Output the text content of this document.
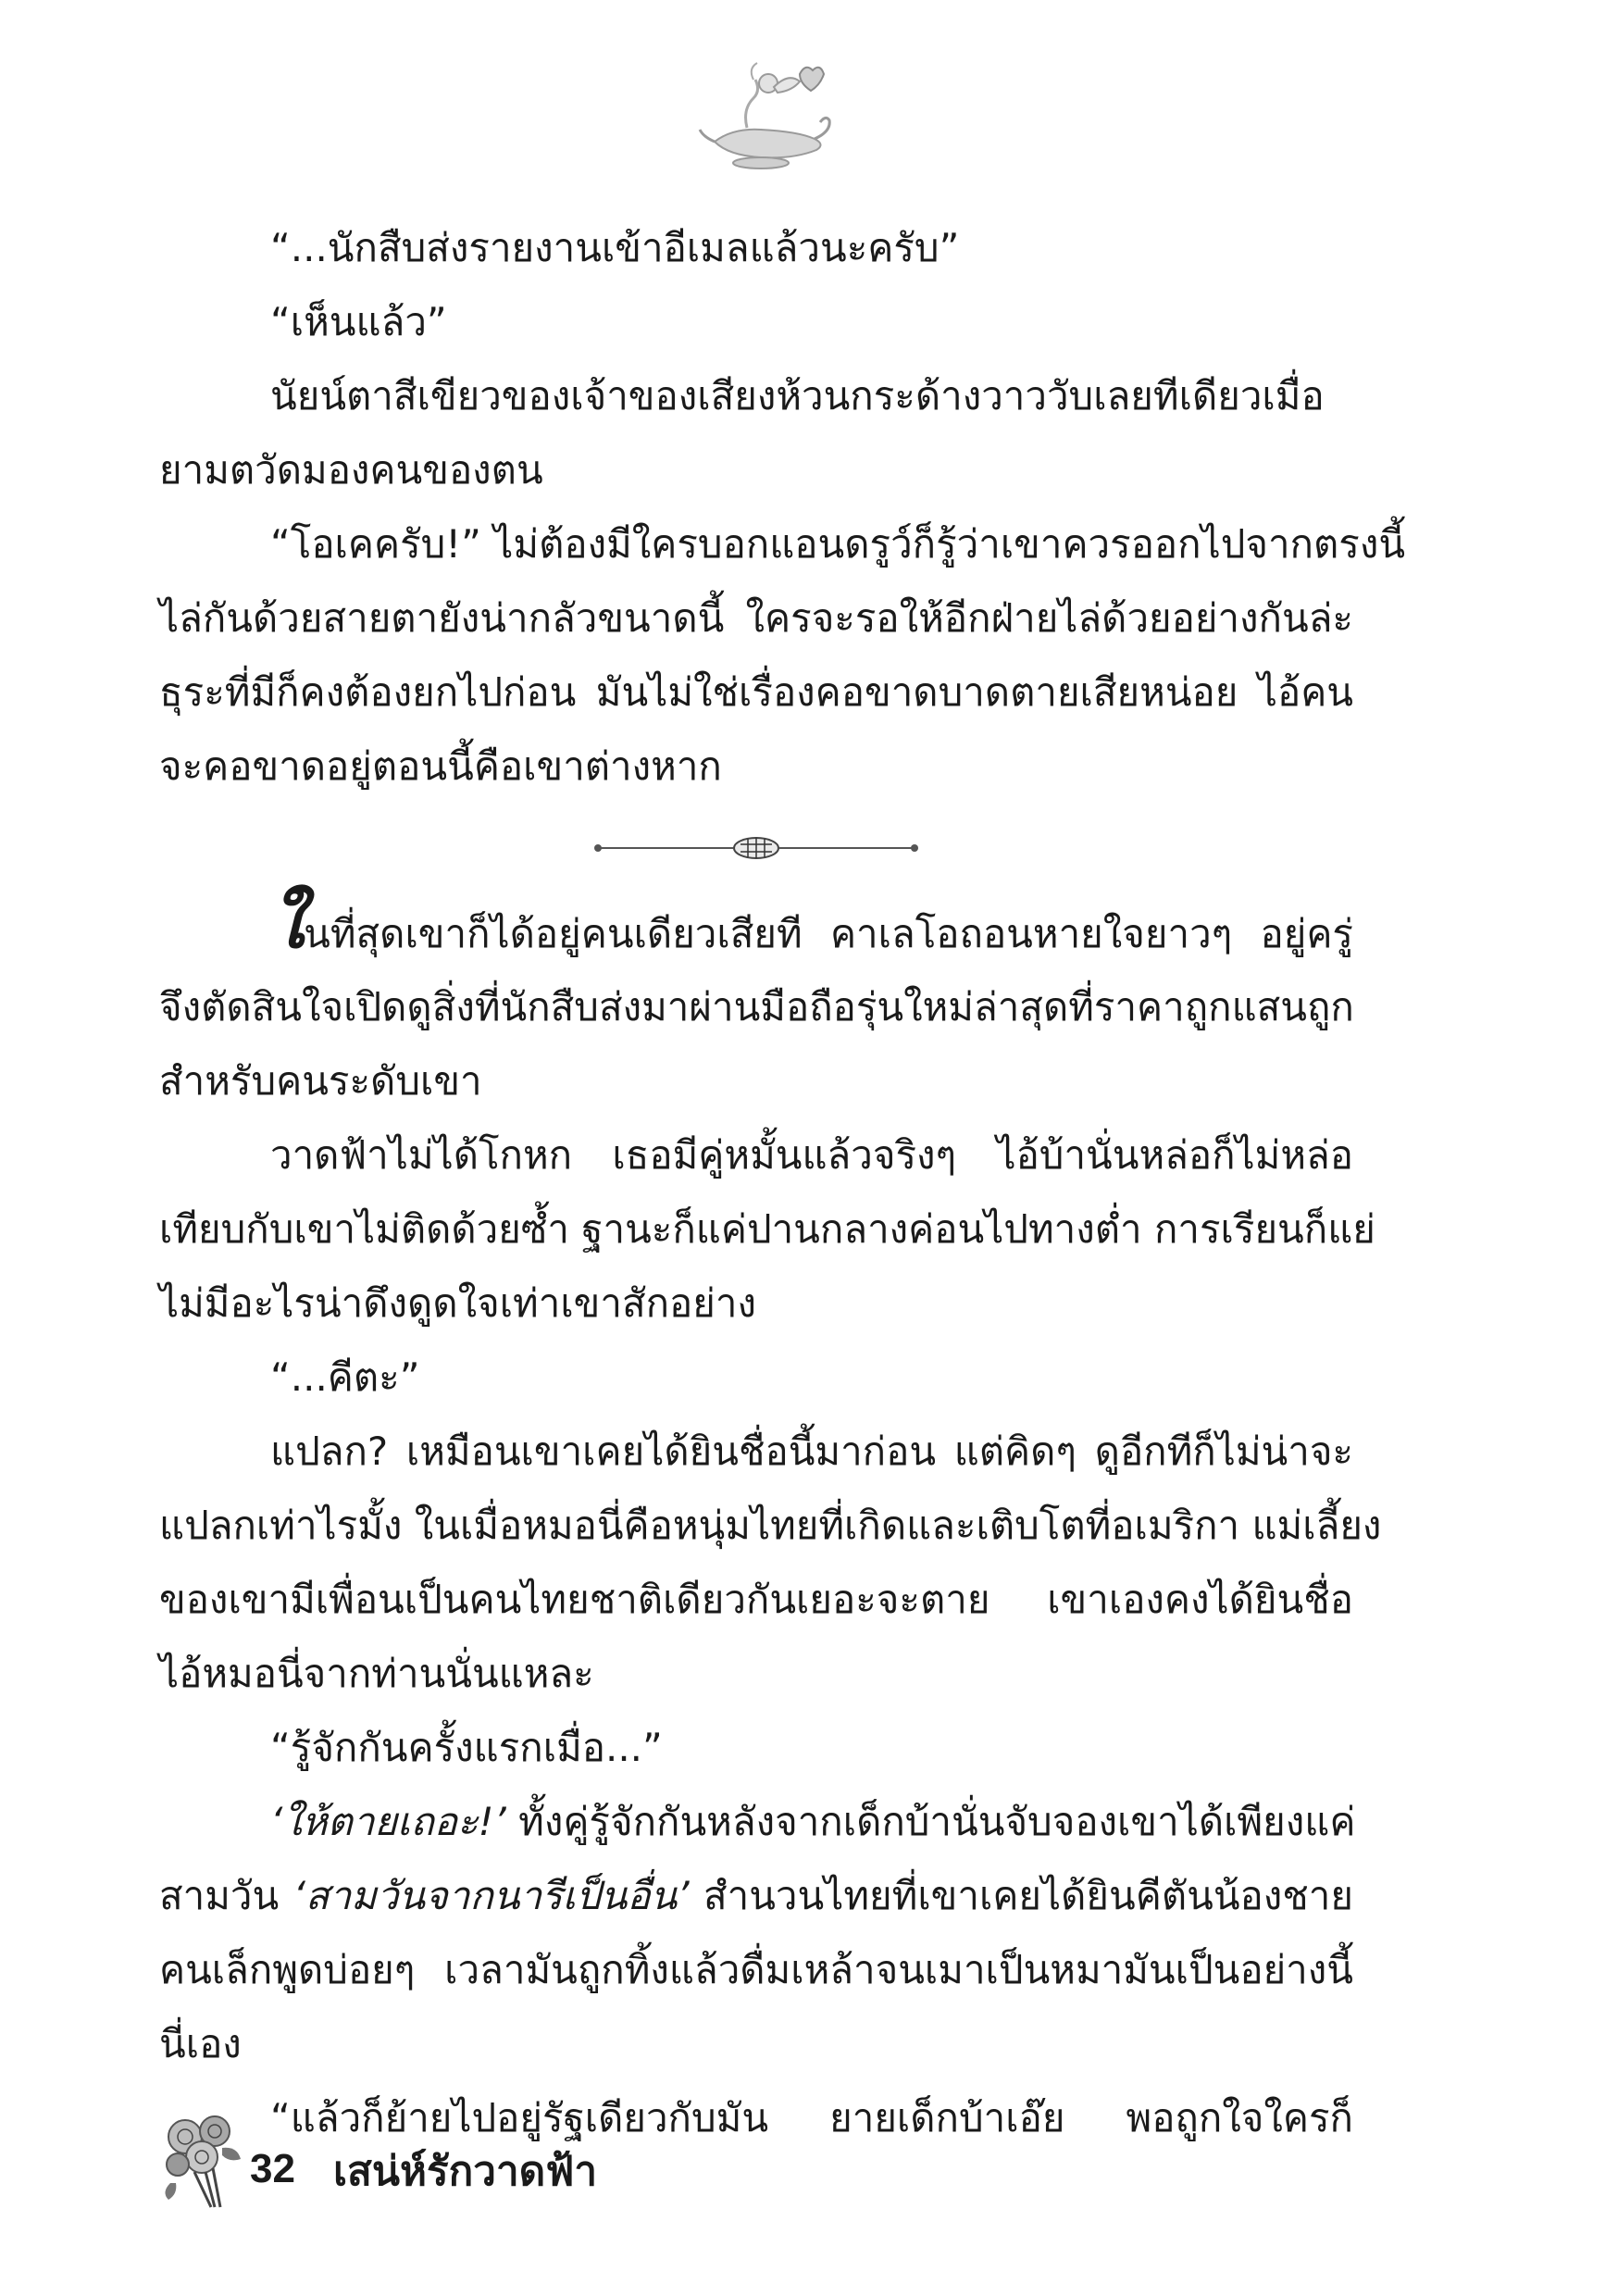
“...นักสืบส่งรายงานเข้าอีเมลแล้วนะครับ”
“เห็นแล้ว”
นัยน์ตาสีเขียวของเจ้าของเสียงห้วนกระด้างวาววับเลยทีเดียวเมื่อ
ยามตวัดมองคนของตน
“โอเคครับ!” ไม่ต้องมีใครบอกแอนดรูว์ก็รู้ว่าเขาควรออกไปจากตรงนี้
ไล่กันด้วยสายตายังน่ากลัวขนาดนี้ ใครจะรอให้อีกฝ่ายไล่ด้วยอย่างกันล่ะ
ธุระที่มีก็คงต้องยกไปก่อน มันไม่ใช่เรื่องคอขาดบาดตายเสียหน่อย ไอ้คน
จะคอขาดอยู่ตอนนี้คือเขาต่างหาก
ในที่สุดเขาก็ได้อยู่คนเดียวเสียที คาเลโอถอนหายใจยาวๆ อยู่ครู่
จึงตัดสินใจเปิดดูสิ่งที่นักสืบส่งมาผ่านมือถือรุ่นใหม่ล่าสุดที่ราคาถูกแสนถูก
สำหรับคนระดับเขา
วาดฟ้าไม่ได้โกหก เธอมีคู่หมั้นแล้วจริงๆ ไอ้บ้านั่นหล่อก็ไม่หล่อ
เทียบกับเขาไม่ติดด้วยซ้ำ ฐานะก็แค่ปานกลางค่อนไปทางต่ำ การเรียนก็แย่
ไม่มีอะไรน่าดึงดูดใจเท่าเขาสักอย่าง
“...คีตะ”
แปลก? เหมือนเขาเคยได้ยินชื่อนี้มาก่อน แต่คิดๆ ดูอีกทีก็ไม่น่าจะ
แปลกเท่าไรมั้ง ในเมื่อหมอนี่คือหนุ่มไทยที่เกิดและเติบโตที่อเมริกา แม่เลี้ยง
ของเขามีเพื่อนเป็นคนไทยชาติเดียวกันเยอะจะตาย เขาเองคงได้ยินชื่อ
ไอ้หมอนี่จากท่านนั่นแหละ
“รู้จักกันครั้งแรกเมื่อ...”
‘ให้ตายเถอะ!’ ทั้งคู่รู้จักกันหลังจากเด็กบ้านั่นจับจองเขาได้เพียงแค่
สามวัน ‘สามวันจากนารีเป็นอื่น’ สำนวนไทยที่เขาเคยได้ยินคีตันน้องชาย
คนเล็กพูดบ่อยๆ เวลามันถูกทิ้งแล้วดื่มเหล้าจนเมาเป็นหมามันเป็นอย่างนี้
นี่เอง
“แล้วก็ย้ายไปอยู่รัฐเดียวกับมัน ยายเด็กบ้าเอ๊ย พอถูกใจใครก็
32 เสน่ห์รักวาดฟ้า
